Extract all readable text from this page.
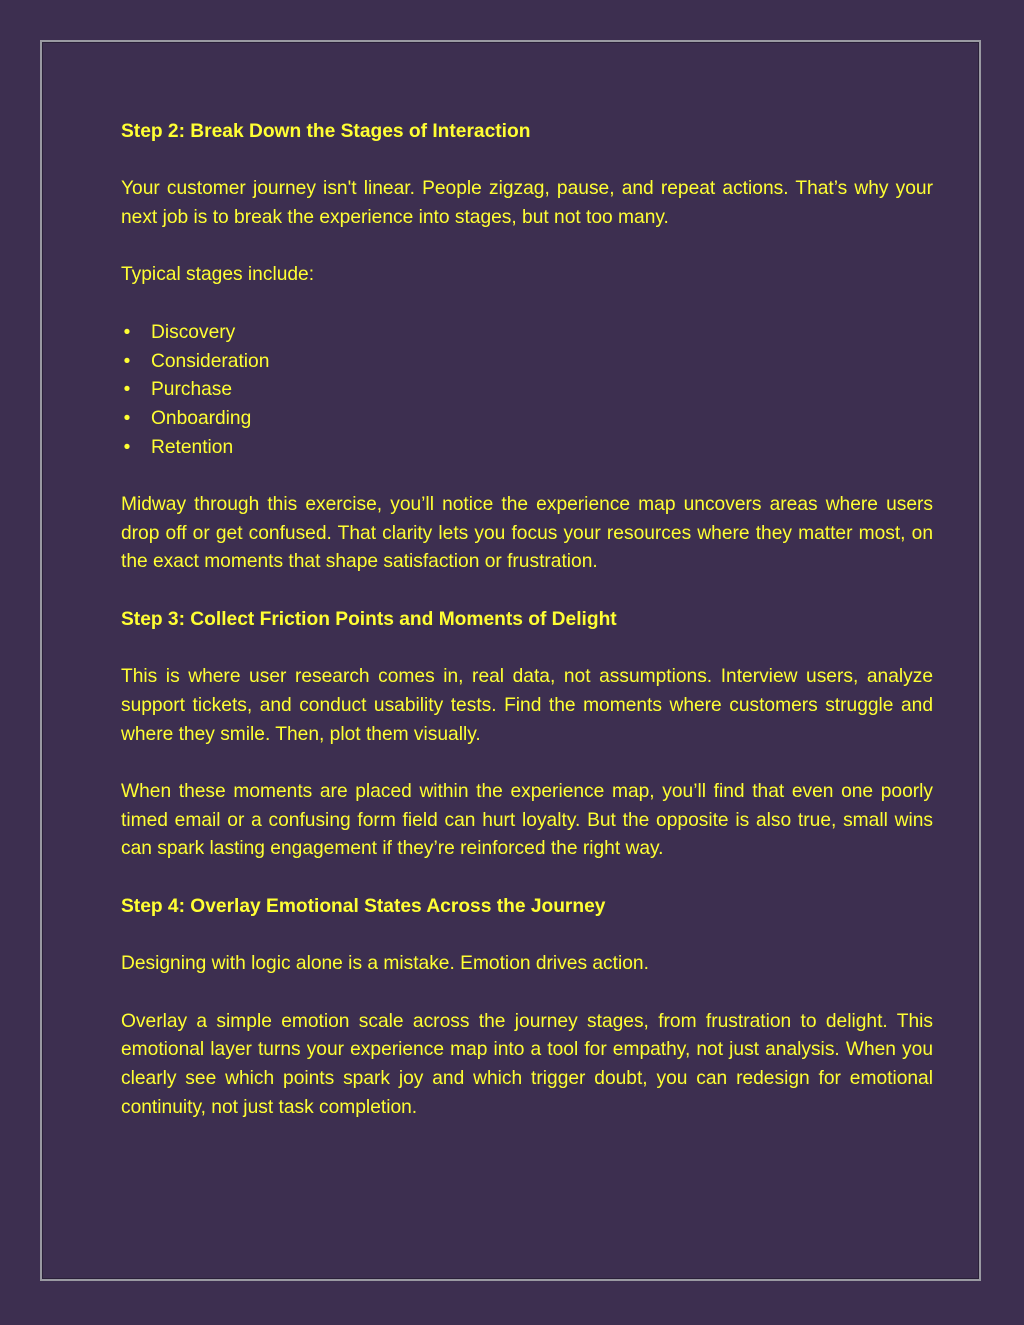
Step 2: Break Down the Stages of Interaction

Your customer journey isn't linear. People zigzag, pause, and repeat actions. That’s why your next job is to break the experience into stages, but not too many.

Typical stages include:

• Discovery
• Consideration
• Purchase
• Onboarding
• Retention

Midway through this exercise, you’ll notice the experience map uncovers areas where users drop off or get confused. That clarity lets you focus your resources where they matter most, on the exact moments that shape satisfaction or frustration.

Step 3: Collect Friction Points and Moments of Delight

This is where user research comes in, real data, not assumptions. Interview users, analyze support tickets, and conduct usability tests. Find the moments where customers struggle and where they smile. Then, plot them visually.

When these moments are placed within the experience map, you’ll find that even one poorly timed email or a confusing form field can hurt loyalty. But the opposite is also true, small wins can spark lasting engagement if they’re reinforced the right way.

Step 4: Overlay Emotional States Across the Journey

Designing with logic alone is a mistake. Emotion drives action.

Overlay a simple emotion scale across the journey stages, from frustration to delight. This emotional layer turns your experience map into a tool for empathy, not just analysis. When you clearly see which points spark joy and which trigger doubt, you can redesign for emotional continuity, not just task completion.
